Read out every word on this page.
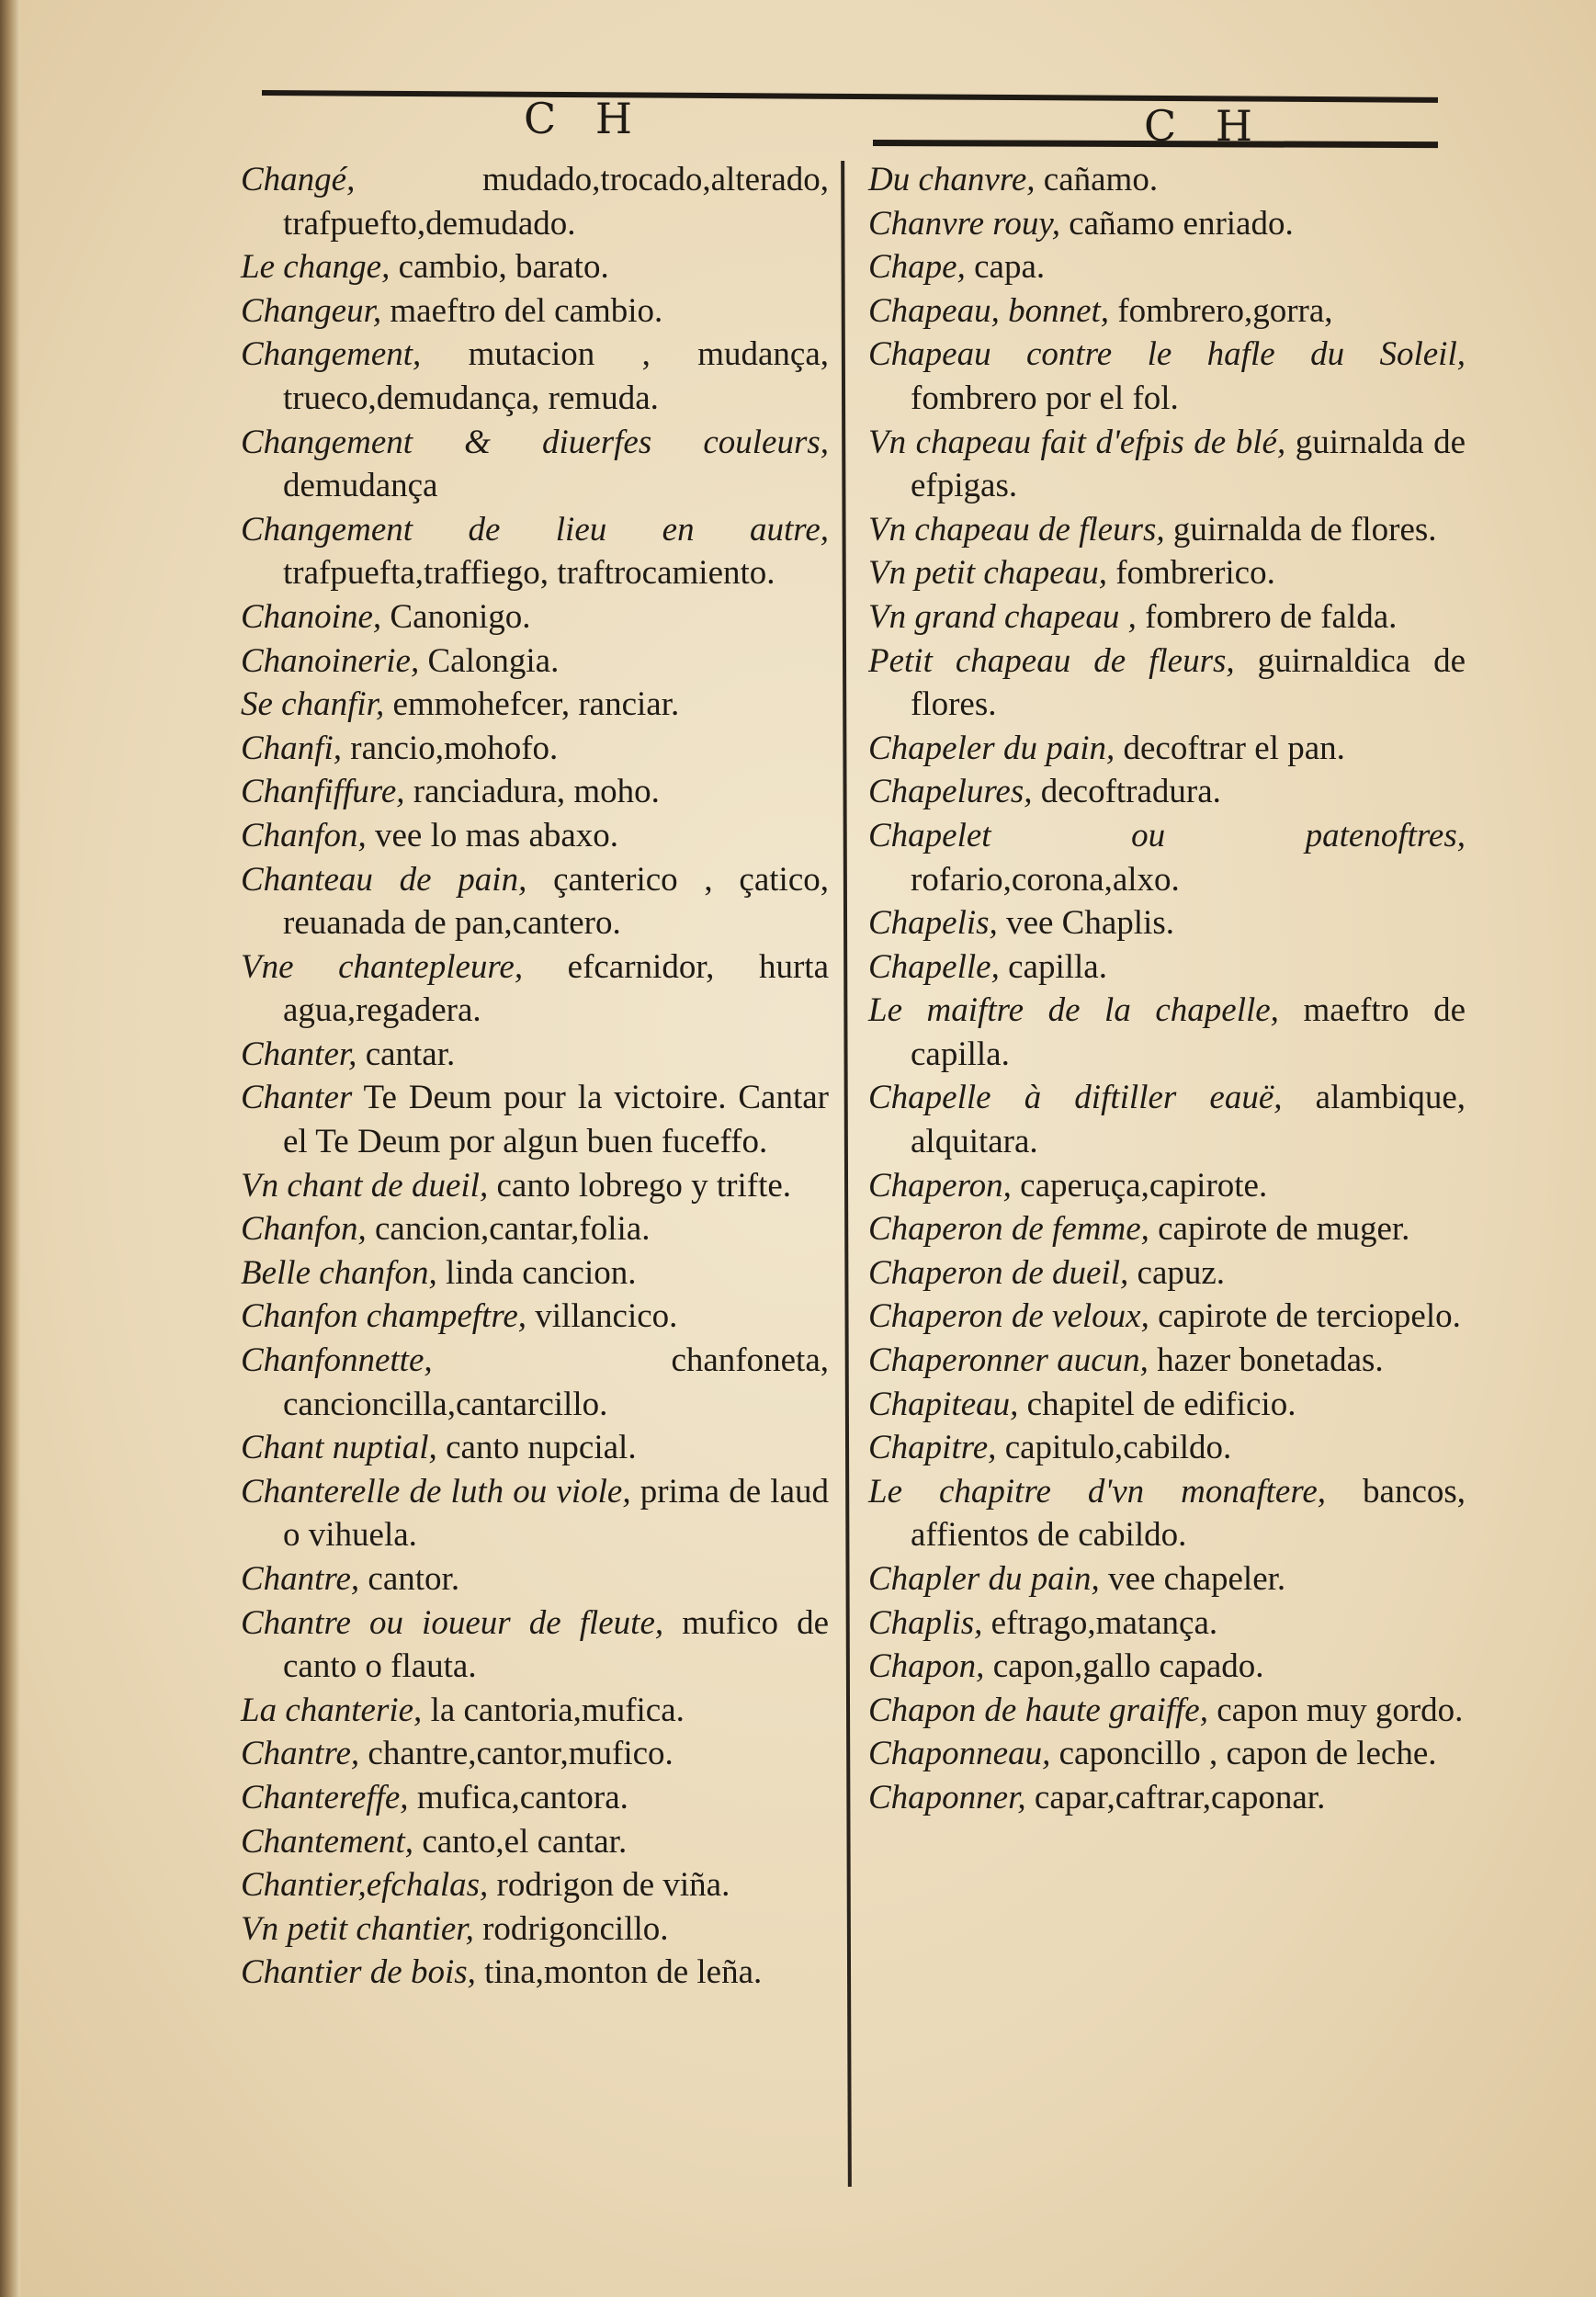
C H	C H

Changé,	mudado,trocado,alterado, trafpuefto,demudado.

Le change, cambio, barato.

Changeur, maeftro del cambio.

Changement, mutacion , mudança, trueco,demudança, remuda.

Changement & diuerfes couleurs, demudança

Changement de lieu en autre, trafpuefta,traffiego, traftrocamiento.

Chanoine, Canonigo.

Chanoinerie, Calongia.

Se chanfir, emmohefcer, ranciar.

Chanfi, rancio,mohofo.

Chanfiffure, ranciadura, moho.

Chanfon, vee lo mas abaxo.

Chanteau de pain, çanterico , çatico, reuanada de pan,cantero.

Vne chantepleure, efcarnidor, hurta agua,regadera.

Chanter, cantar.

Chanter Te Deum pour la victoire. Cantar el Te Deum por algun buen fuceffo.

Vn chant de dueil, canto lobrego y trifte.

Chanfon, cancion,cantar,folia.

Belle chanfon, linda cancion.

Chanfon champeftre, villancico.

Chanfonnette,	chanfoneta, cancioncilla,cantarcillo.

Chant nuptial, canto nupcial.

Chanterelle de luth ou viole, prima de laud o vihuela.

Chantre, cantor.

Chantre ou ioueur de fleute, mufico de canto o flauta.

La chanterie, la cantoria,mufica.

Chantre, chantre,cantor,mufico.

Chantereffe, mufica,cantora.

Chantement, canto,el cantar.

Chantier,efchalas, rodrigon de viña.

Vn petit chantier, rodrigoncillo.

Chantier de bois, tina,monton de leña.

Du chanvre, cañamo.

Chanvre rouy, cañamo enriado.

Chape, capa.

Chapeau, bonnet, fombrero,gorra,

Chapeau contre le hafle du Soleil, fombrero por el fol.

Vn chapeau fait d'efpis de blé, guirnalda de efpigas.

Vn chapeau de fleurs, guirnalda de flores.

Vn petit chapeau, fombrerico.

Vn grand chapeau , fombrero de falda.

Petit chapeau de fleurs, guirnaldica de flores.

Chapeler du pain, decoftrar el pan.

Chapelures, decoftradura.

Chapelet ou patenoftres, rofario,corona,alxo.

Chapelis, vee Chaplis.

Chapelle, capilla.

Le maiftre de la chapelle, maeftro de capilla.

Chapelle à diftiller eauë, alambique, alquitara.

Chaperon, caperuça,capirote.

Chaperon de femme, capirote de muger.

Chaperon de dueil, capuz.

Chaperon de veloux, capirote de terciopelo.

Chaperonner aucun, hazer bonetadas.

Chapiteau, chapitel de edificio.

Chapitre, capitulo,cabildo.

Le chapitre d'vn monaftere, bancos, affientos de cabildo.

Chapler du pain, vee chapeler.

Chaplis, eftrago,matança.

Chapon, capon,gallo capado.

Chapon de haute graiffe, capon muy gordo.

Chaponneau, caponcillo , capon de leche.

Chaponner, capar,caftrar,caponar.
